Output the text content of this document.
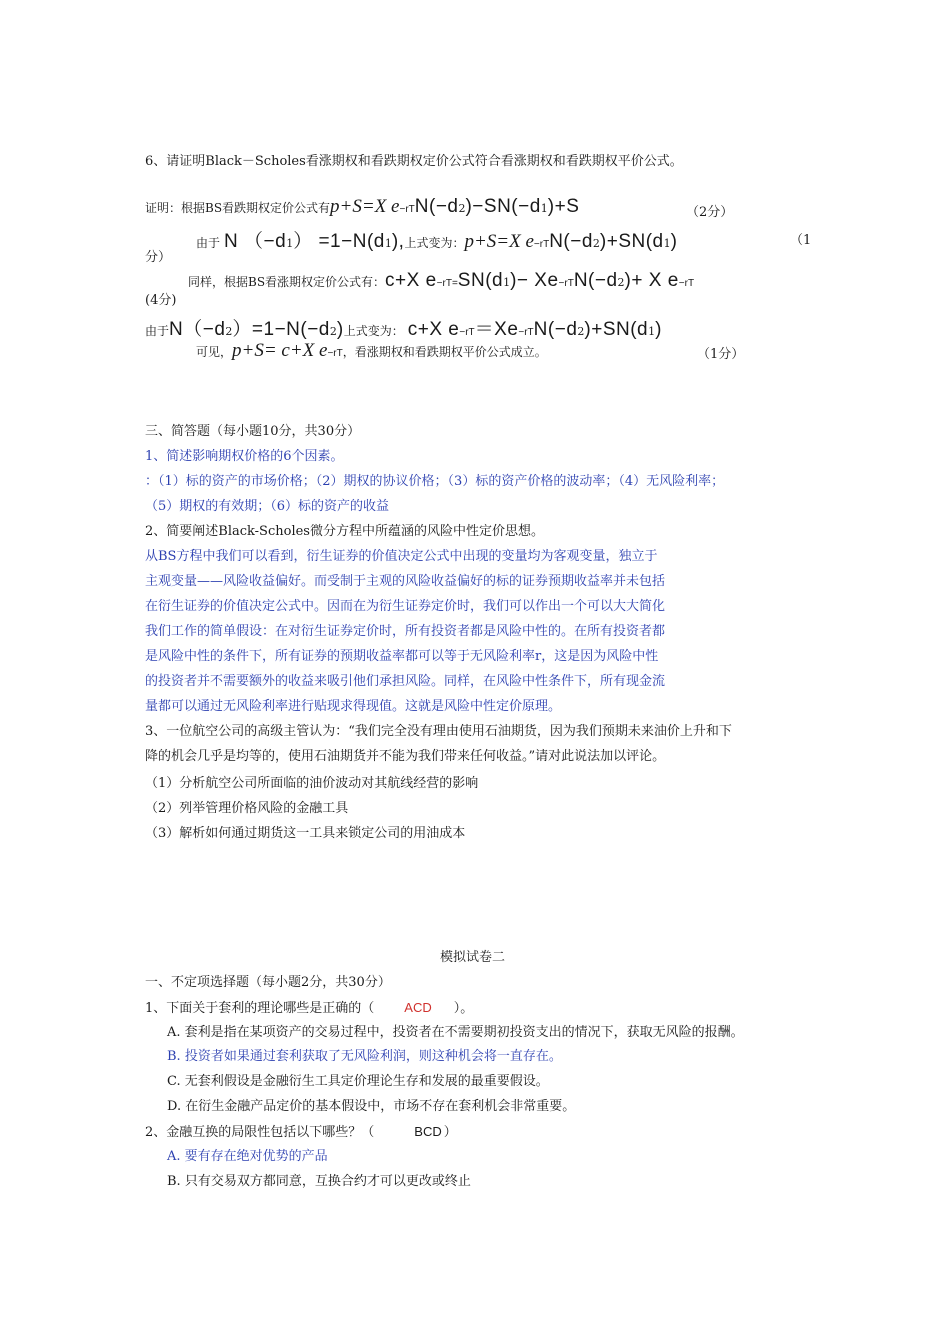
6、请证明Black－Scholes看涨期权和看跌期权定价公式符合看涨期权和看跌期权平价公式。
证明：根据BS看跌期权定价公式有 p+S=X e −rT N(−d 2 )−SN(−d 1 )+S	（2分）
由于 N （−d 1 ） =1−N(d 1 ), 上式变为： p+S=X e −rT N(−d 2 )+SN(d 1 )	（1
分）
同样，根据BS看涨期权定价公式有： c+X e −rT= SN(d 1 )− Xe −rT N(−d 2 )+ X e −rT
(4分)
由于 N（−d 2 ）=1−N(−d 2 ) 上式变为： c+X e −rT ＝Xe −rT N(−d 2 )+SN(d 1 )
可见， p+S= c+X e −rT ，看涨期权和看跌期权平价公式成立。	（1分）
三、简答题（每小题10分，共30分）
1、简述影响期权价格的6个因素。
：（1）标的资产的市场价格；（2）期权的协议价格；（3）标的资产价格的波动率；（4）无风险利率；
（5）期权的有效期；（6）标的资产的收益
2、简要阐述Black-Scholes微分方程中所蕴涵的风险中性定价思想。
从BS方程中我们可以看到，衍生证券的价值决定公式中出现的变量均为客观变量，独立于
主观变量——风险收益偏好。而受制于主观的风险收益偏好的标的证券预期收益率并未包括
在衍生证券的价值决定公式中。因而在为衍生证券定价时，我们可以作出一个可以大大简化
我们工作的简单假设：在对衍生证券定价时，所有投资者都是风险中性的。在所有投资者都
是风险中性的条件下，所有证券的预期收益率都可以等于无风险利率r，这是因为风险中性
的投资者并不需要额外的收益来吸引他们承担风险。同样，在风险中性条件下，所有现金流
量都可以通过无风险利率进行贴现求得现值。这就是风险中性定价原理。
3、一位航空公司的高级主管认为：“我们完全没有理由使用石油期货，因为我们预期未来油价上升和下
降的机会几乎是均等的，使用石油期货并不能为我们带来任何收益。”请对此说法加以评论。
（1）分析航空公司所面临的油价波动对其航线经营的影响
（2）列举管理价格风险的金融工具
（3）解析如何通过期货这一工具来锁定公司的用油成本
模拟试卷二
一、不定项选择题（每小题2分，共30分）
1、下面关于套利的理论哪些是正确的（ ACD ）。
A. 套利是指在某项资产的交易过程中，投资者在不需要期初投资支出的情况下，获取无风险的报酬。
B. 投资者如果通过套利获取了无风险利润，则这种机会将一直存在。
C. 无套利假设是金融衍生工具定价理论生存和发展的最重要假设。
D. 在衍生金融产品定价的基本假设中，市场不存在套利机会非常重要。
2、金融互换的局限性包括以下哪些？（	BCD ）
A. 要有存在绝对优势的产品
B. 只有交易双方都同意，互换合约才可以更改或终止
